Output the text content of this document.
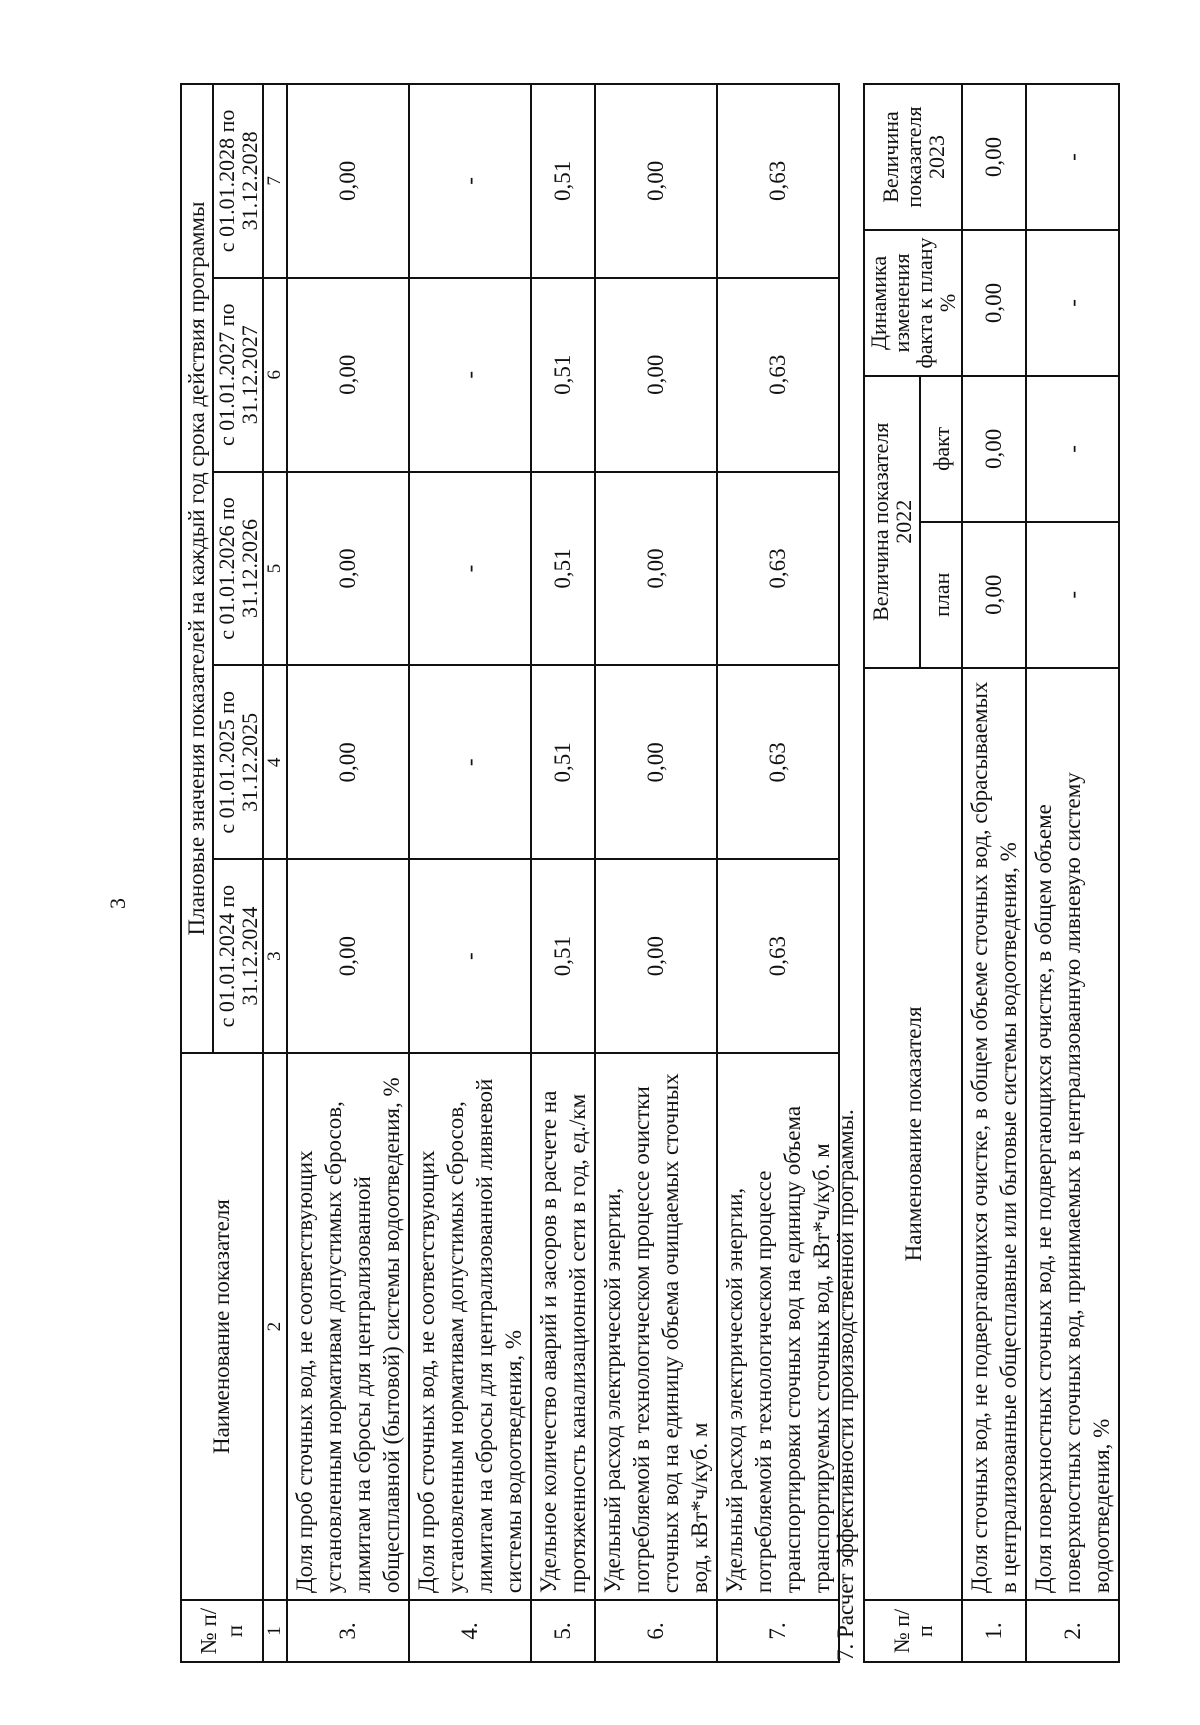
3
№ п/п	Наименование показателя	Плановые значения показателей на каждый год срока действия программы				
		с 01.01.2024 по 31.12.2024	с 01.01.2025 по 31.12.2025	с 01.01.2026 по 31.12.2026	с 01.01.2027 по 31.12.2027	с 01.01.2028 по 31.12.2028
1	2	3	4	5	6	7
3.	Доля проб сточных вод, не соответствующих установленным нормативам допустимых сбросов, лимитам на сбросы для централизованной общесплавной (бытовой) системы водоотведения, %	0,00	0,00	0,00	0,00	0,00
4.	Доля проб сточных вод, не соответствующих установленным нормативам допустимых сбросов, лимитам на сбросы для централизованной ливневой системы водоотведения, %	-	-	-	-	-
5.	Удельное количество аварий и засоров в расчете на протяженность канализационной сети в год, ед./км	0,51	0,51	0,51	0,51	0,51
6.	Удельный расход электрической энергии, потребляемой в технологическом процессе очистки сточных вод на единицу объема очищаемых сточных вод, кВт*ч/куб. м	0,00	0,00	0,00	0,00	0,00
7.	Удельный расход электрической энергии, потребляемой в технологическом процессе транспортировки сточных вод на единицу объема транспортируемых сточных вод, кВт*ч/куб. м	0,63	0,63	0,63	0,63	0,63
7. Расчет эффективности производственной программы. № п/п	Наименование показателя	Величина показателя 2022		Динамика изменения факта к плану %	Величина показателя 2023
		план	факт		
1.	Доля сточных вод, не подвергающихся очистке, в общем объеме сточных вод, сбрасываемых в централизованные общесплавные или бытовые системы водоотведения, %	0,00	0,00	0,00	0,00
2.	Доля поверхностных сточных вод, не подвергающихся очистке, в общем объеме поверхностных сточных вод, принимаемых в централизованную ливневую систему водоотведения, %	-	-	-	-
